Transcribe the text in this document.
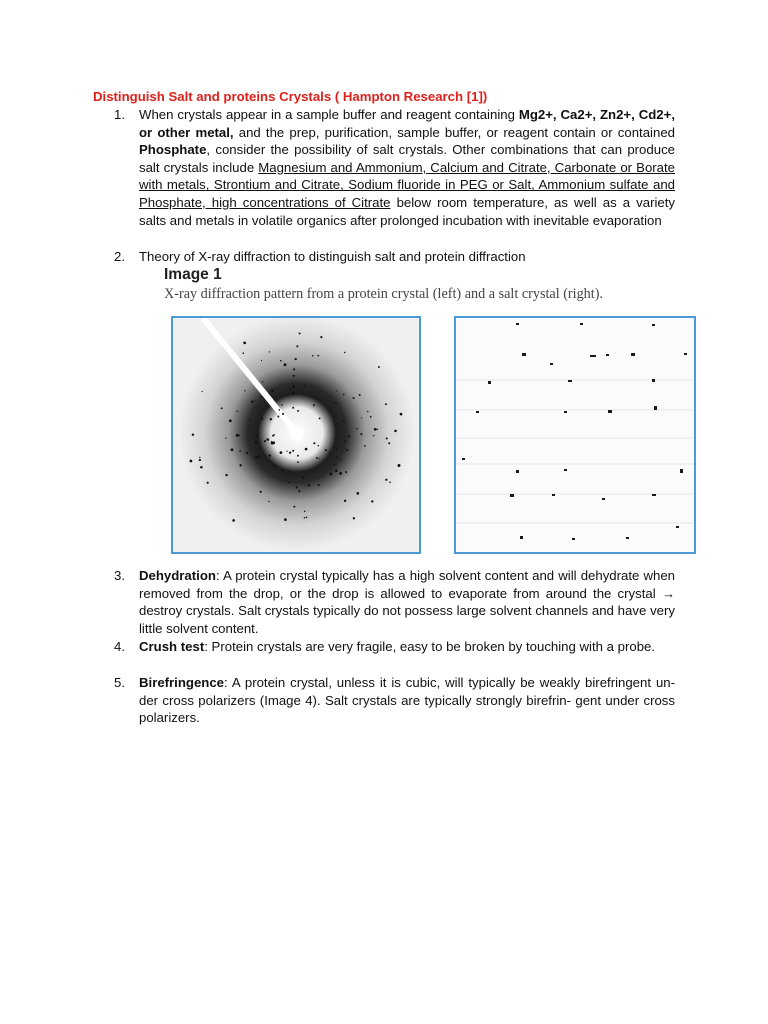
Distinguish Salt and proteins Crystals ( Hampton Research [1])
1. When crystals appear in a sample buffer and reagent containing Mg2+, Ca2+, Zn2+, Cd2+, or other metal, and the prep, purification, sample buffer, or reagent contain or contained Phosphate, consider the possibility of salt crystals. Other combinations that can produce salt crystals include Magnesium and Ammonium, Calcium and Citrate, Carbonate or Borate with metals, Strontium and Citrate, Sodium fluoride in PEG or Salt, Ammonium sulfate and Phosphate, high concentrations of Citrate below room temperature, as well as a variety salts and metals in volatile organics after prolonged incubation with inevitable evaporation

2. Theory of X-ray diffraction to distinguish salt and protein diffraction

Image 1
X-ray diffraction pattern from a protein crystal (left) and a salt crystal (right).
3. Dehydration: A protein crystal typically has a high solvent content and will dehydrate when removed from the drop, or the drop is allowed to evaporate from around the crystal → destroy crystals. Salt crystals typically do not possess large solvent channels and have very little solvent content.

4. Crush test: Protein crystals are very fragile, easy to be broken by touching with a probe.

5. Birefringence: A protein crystal, unless it is cubic, will typically be weakly birefringent un- der cross polarizers (Image 4). Salt crystals are typically strongly birefrin- gent under cross polarizers.
